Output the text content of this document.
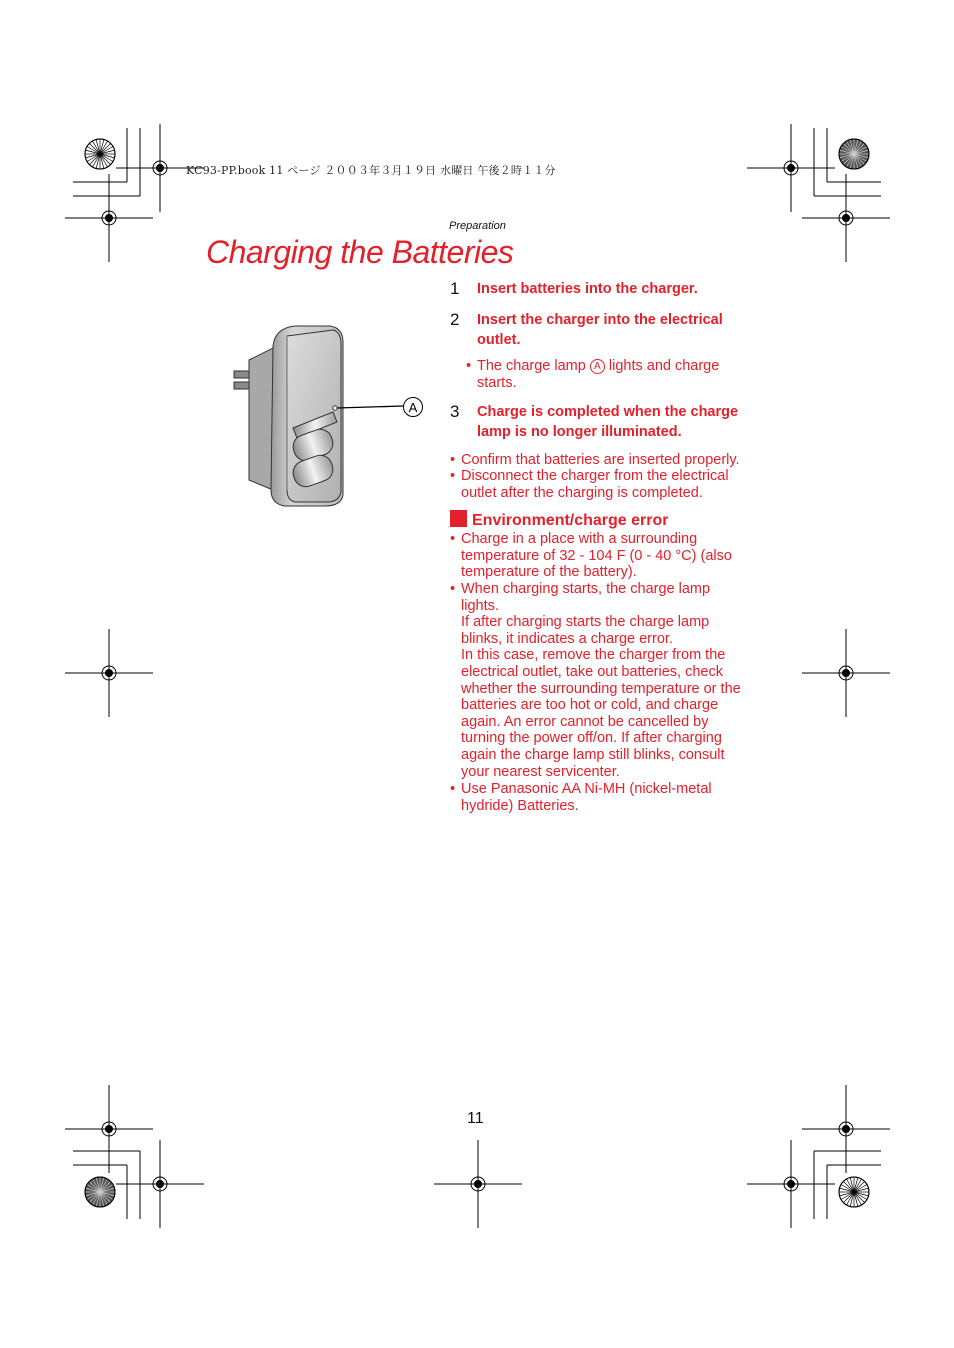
KC93-PP.book 11 ページ ２００３年３月１９日 水曜日 午後２時１１分
Preparation
Charging the Batteries
A
1 Insert batteries into the charger.
2 Insert the charger into the electrical outlet.
• The charge lamp A lights and charge starts.
3 Charge is completed when the charge lamp is no longer illuminated.
• Confirm that batteries are inserted properly.
• Disconnect the charger from the electrical outlet after the charging is completed.
Environment/charge error
• Charge in a place with a surrounding temperature of 32 - 104 F (0 - 40 °C) (also temperature of the battery).
• When charging starts, the charge lamp lights.
If after charging starts the charge lamp blinks, it indicates a charge error.
In this case, remove the charger from the electrical outlet, take out batteries, check whether the surrounding temperature or the batteries are too hot or cold, and charge again. An error cannot be cancelled by turning the power off/on. If after charging again the charge lamp still blinks, consult your nearest servicenter.
• Use Panasonic AA Ni-MH (nickel-metal hydride) Batteries.
11
